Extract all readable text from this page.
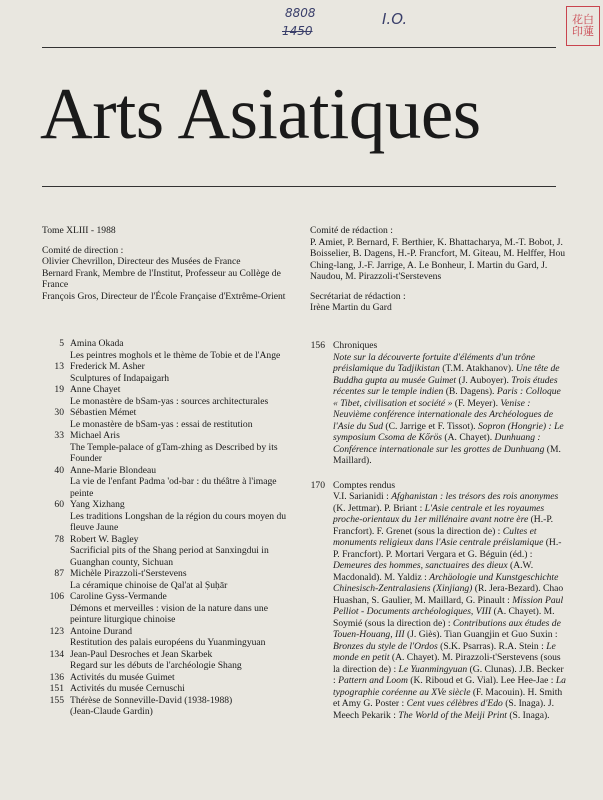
8808
1450
I.O.	花白 印蓮
Arts Asiatiques

Tome XLIII - 1988

Comité de direction :
Olivier Chevrillon, Directeur des Musées de France
Bernard Frank, Membre de l'Institut, Professeur au Collège de France
François Gros, Directeur de l'École Française d'Extrême-Orient
Comité de rédaction :

P. Amiet, P. Bernard, F. Berthier, K. Bhattacharya, M.-T. Bobot, J. Boisselier, B. Dagens, H.-P. Francfort, M. Giteau, M. Helffer, Hou Ching-lang, J.-F. Jarrige, A. Le Bonheur, I. Martin du Gard, J. Naudou, M. Pirazzoli-t'Serstevens

Secrétariat de rédaction :
Irène Martin du Gard
5 Amina Okada
Les peintres moghols et le thème de Tobie et de l'Ange
13 Frederick M. Asher
Sculptures of Indapaigarh
19 Anne Chayet
Le monastère de bSam-yas : sources architecturales
30 Sébastien Mémet
Le monastère de bSam-yas : essai de restitution
33 Michael Aris
The Temple-palace of gTam-zhing as Described by its Founder
40 Anne-Marie Blondeau
La vie de l'enfant Padma 'od-bar : du théâtre à l'image peinte
60 Yang Xizhang
Les traditions Longshan de la région du cours moyen du fleuve Jaune
78 Robert W. Bagley
Sacrificial pits of the Shang period at Sanxingdui in Guanghan county, Sichuan
87 Michèle Pirazzoli-t'Serstevens
La céramique chinoise de Qal'at al Ṣuḥār
106 Caroline Gyss-Vermande
Démons et merveilles : vision de la nature dans une peinture liturgique chinoise
123 Antoine Durand
Restitution des palais européens du Yuanmingyuan
134 Jean-Paul Desroches et Jean Skarbek
Regard sur les débuts de l'archéologie Shang
136 Activités du musée Guimet
151 Activités du musée Cernuschi
155 Thérèse de Sonneville-David (1938-1988)
(Jean-Claude Gardin)
156 Chroniques
Note sur la découverte fortuite d'éléments d'un trône préislamique du Tadjikistan (T.M. Atakhanov). Une tête de Buddha gupta au musée Guimet (J. Auboyer). Trois études récentes sur le temple indien (B. Dagens). Paris : Colloque « Tibet, civilisation et société » (F. Meyer). Venise : Neuvième conférence internationale des Archéologues de l'Asie du Sud (C. Jarrige et F. Tissot). Sopron (Hongrie) : Le symposium Csoma de Kőrös (A. Chayet). Dunhuang : Conférence internationale sur les grottes de Dunhuang (M. Maillard).
170 Comptes rendus
V.I. Sarianidi : Afghanistan : les trésors des rois anonymes (K. Jettmar). P. Briant : L'Asie centrale et les royaumes proche-orientaux du 1er millénaire avant notre ère (H.-P. Francfort). F. Grenet (sous la direction de) : Cultes et monuments religieux dans l'Asie centrale préislamique (H.-P. Francfort). P. Mortari Vergara et G. Béguin (éd.) : Demeures des hommes, sanctuaires des dieux (A.W. Macdonald). M. Yaldiz : Archäologie und Kunstgeschichte Chinesisch-Zentralasiens (Xinjiang) (R. Jera-Bezard). Chao Huashan, S. Gaulier, M. Maillard, G. Pinault : Mission Paul Pelliot - Documents archéologiques, VIII (A. Chayet). M. Soymié (sous la direction de) : Contributions aux études de Touen-Houang, III (J. Giès). Tian Guangjin et Guo Suxin : Bronzes du style de l'Ordos (S.K. Psarras). R.A. Stein : Le monde en petit (A. Chayet). M. Pirazzoli-t'Serstevens (sous la direction de) : Le Yuanmingyuan (G. Clunas). J.B. Becker : Pattern and Loom (K. Riboud et G. Vial). Lee Hee-Jae : La typographie coréenne au XVe siècle (F. Macouin). H. Smith et Amy G. Poster : Cent vues célèbres d'Edo (S. Inaga). J. Meech Pekarik : The World of the Meiji Print (S. Inaga).
